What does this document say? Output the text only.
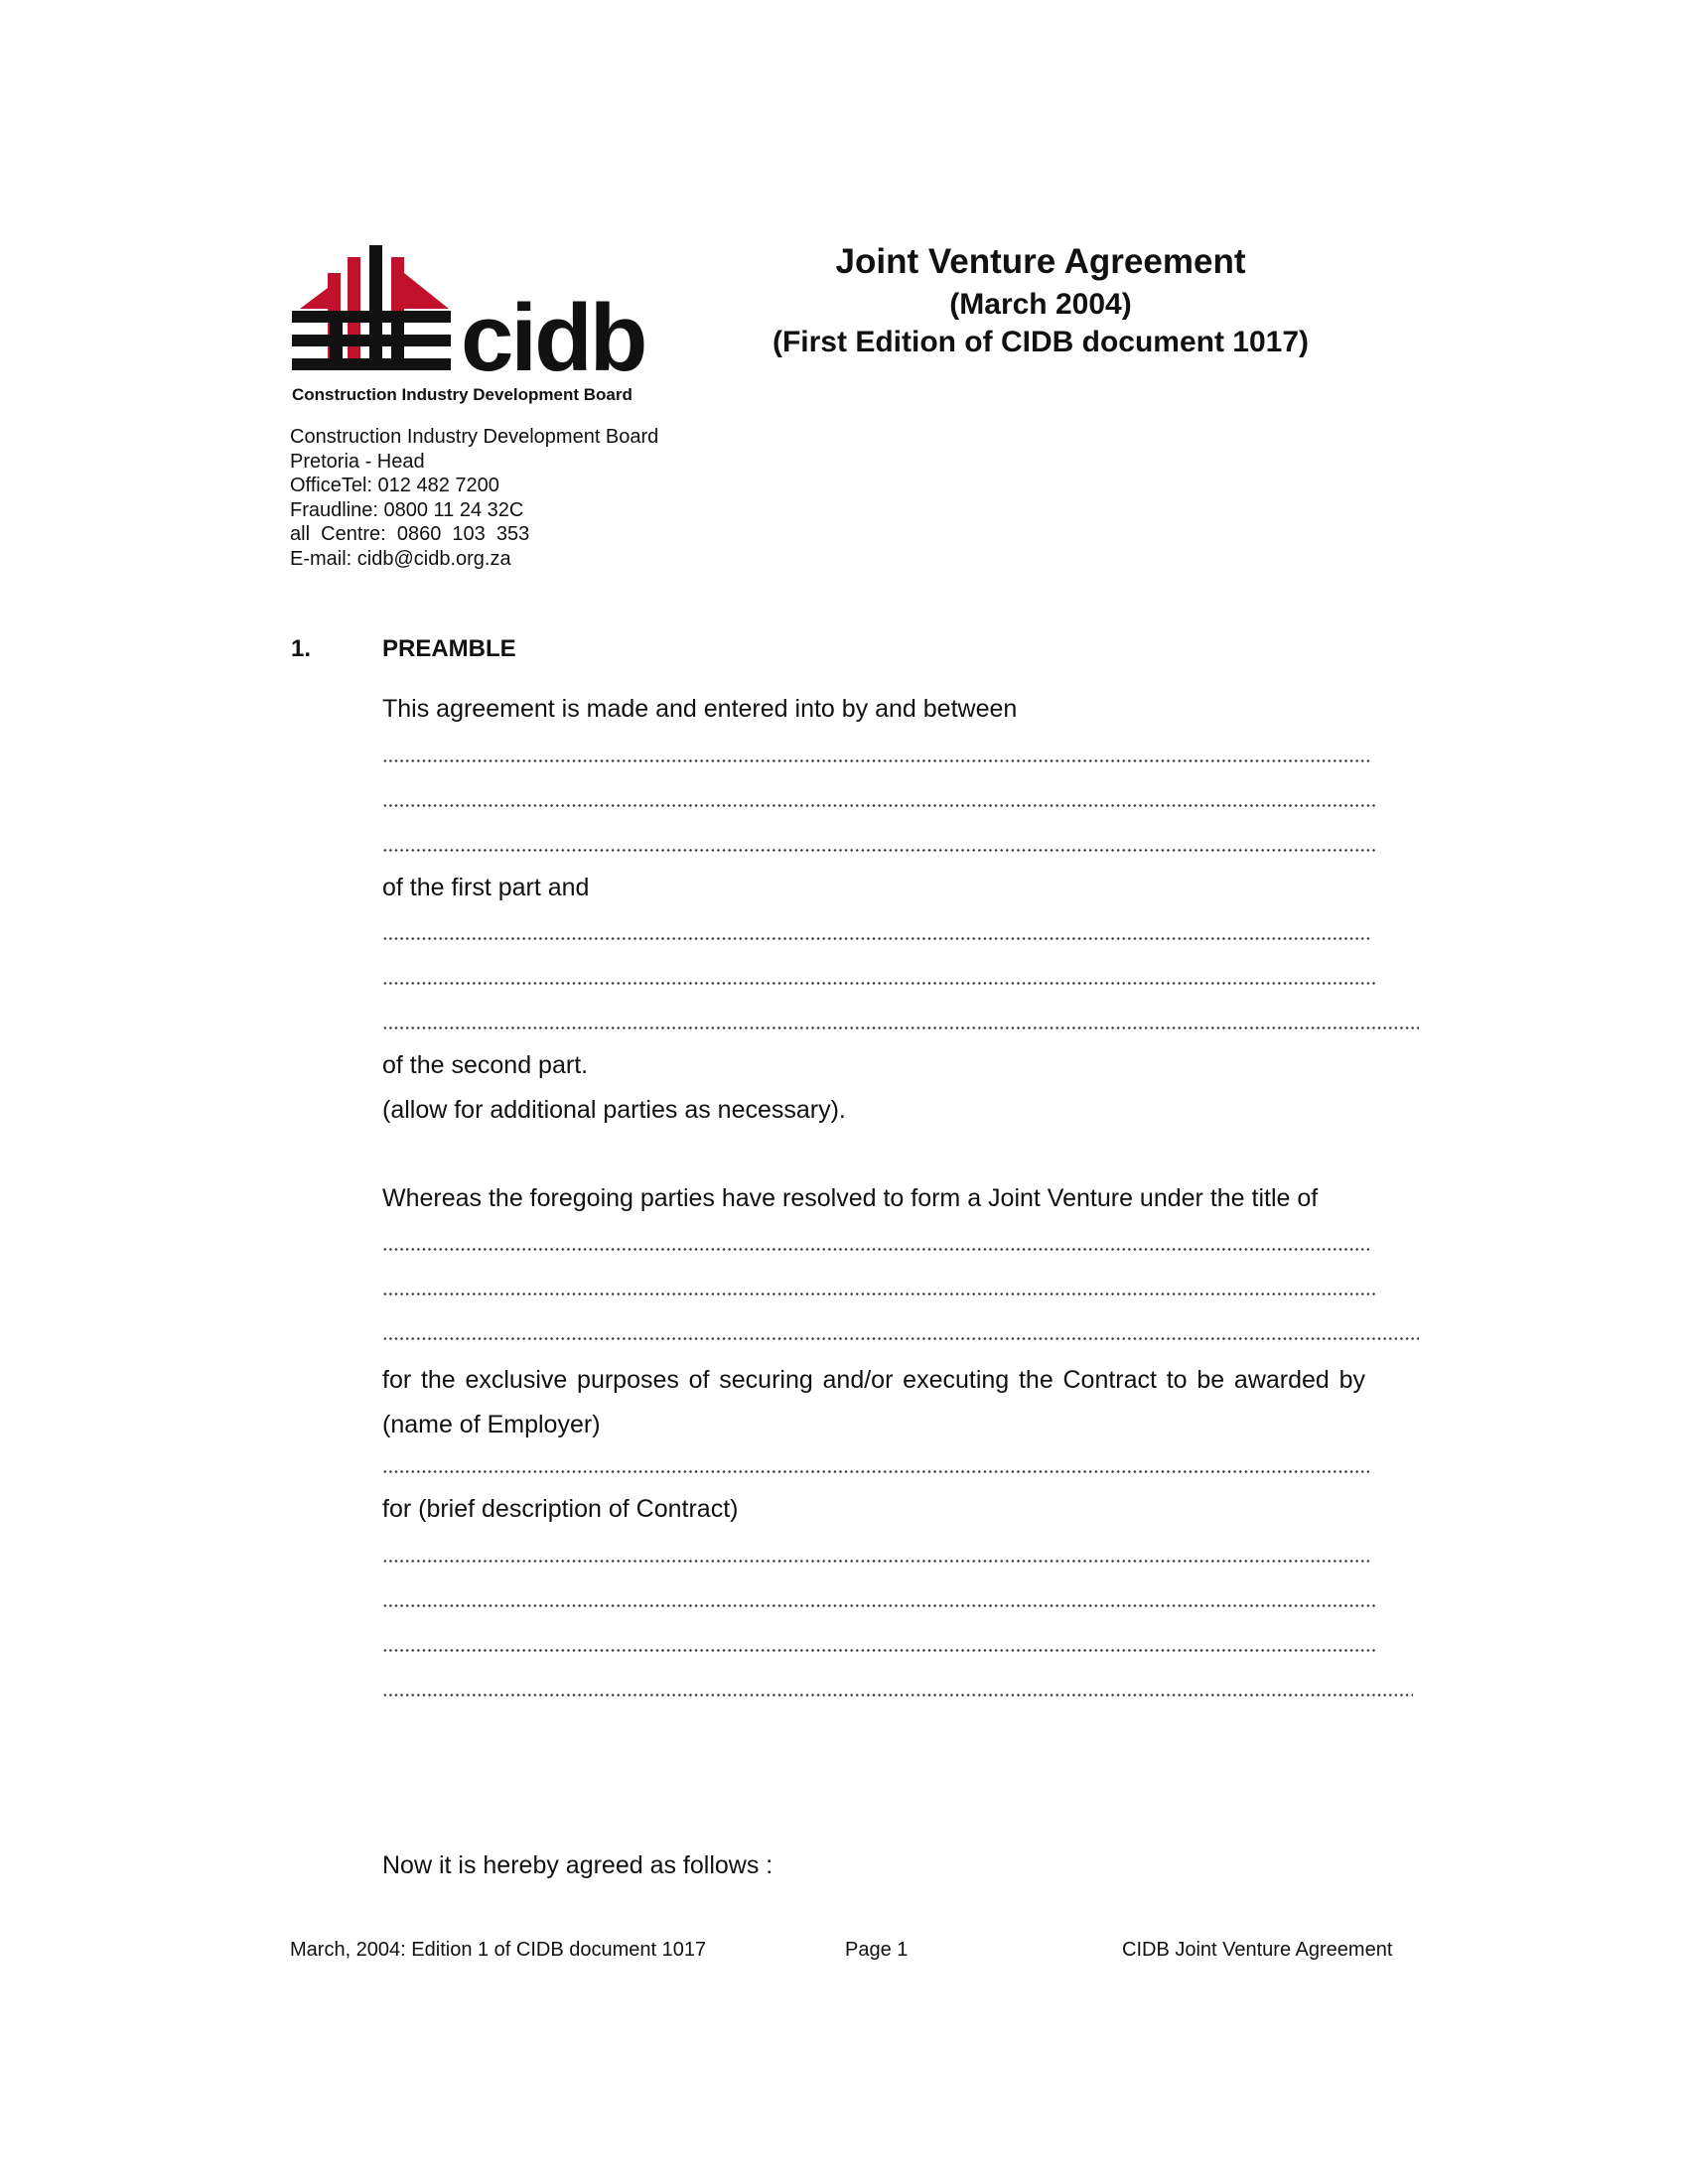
cidb
Construction Industry Development Board
Joint Venture Agreement
(March 2004)
(First Edition of CIDB document 1017)
Construction Industry Development Board
Pretoria - Head
OfficeTel: 012 482 7200
Fraudline: 0800 11 24 32C
all  Centre:  0860  103  353
E-mail: cidb@cidb.org.za
1.	PREAMBLE
This agreement is made and entered into by and between
of the first part and
of the second part.
(allow for additional parties as necessary).
Whereas the foregoing parties have resolved to form a Joint Venture under the title of
for the exclusive purposes of securing and/or executing the Contract to be awarded by (name of Employer)
for (brief description of Contract)
Now it is hereby agreed as follows :
March, 2004: Edition 1 of CIDB document 1017	Page 1	CIDB Joint Venture Agreement
